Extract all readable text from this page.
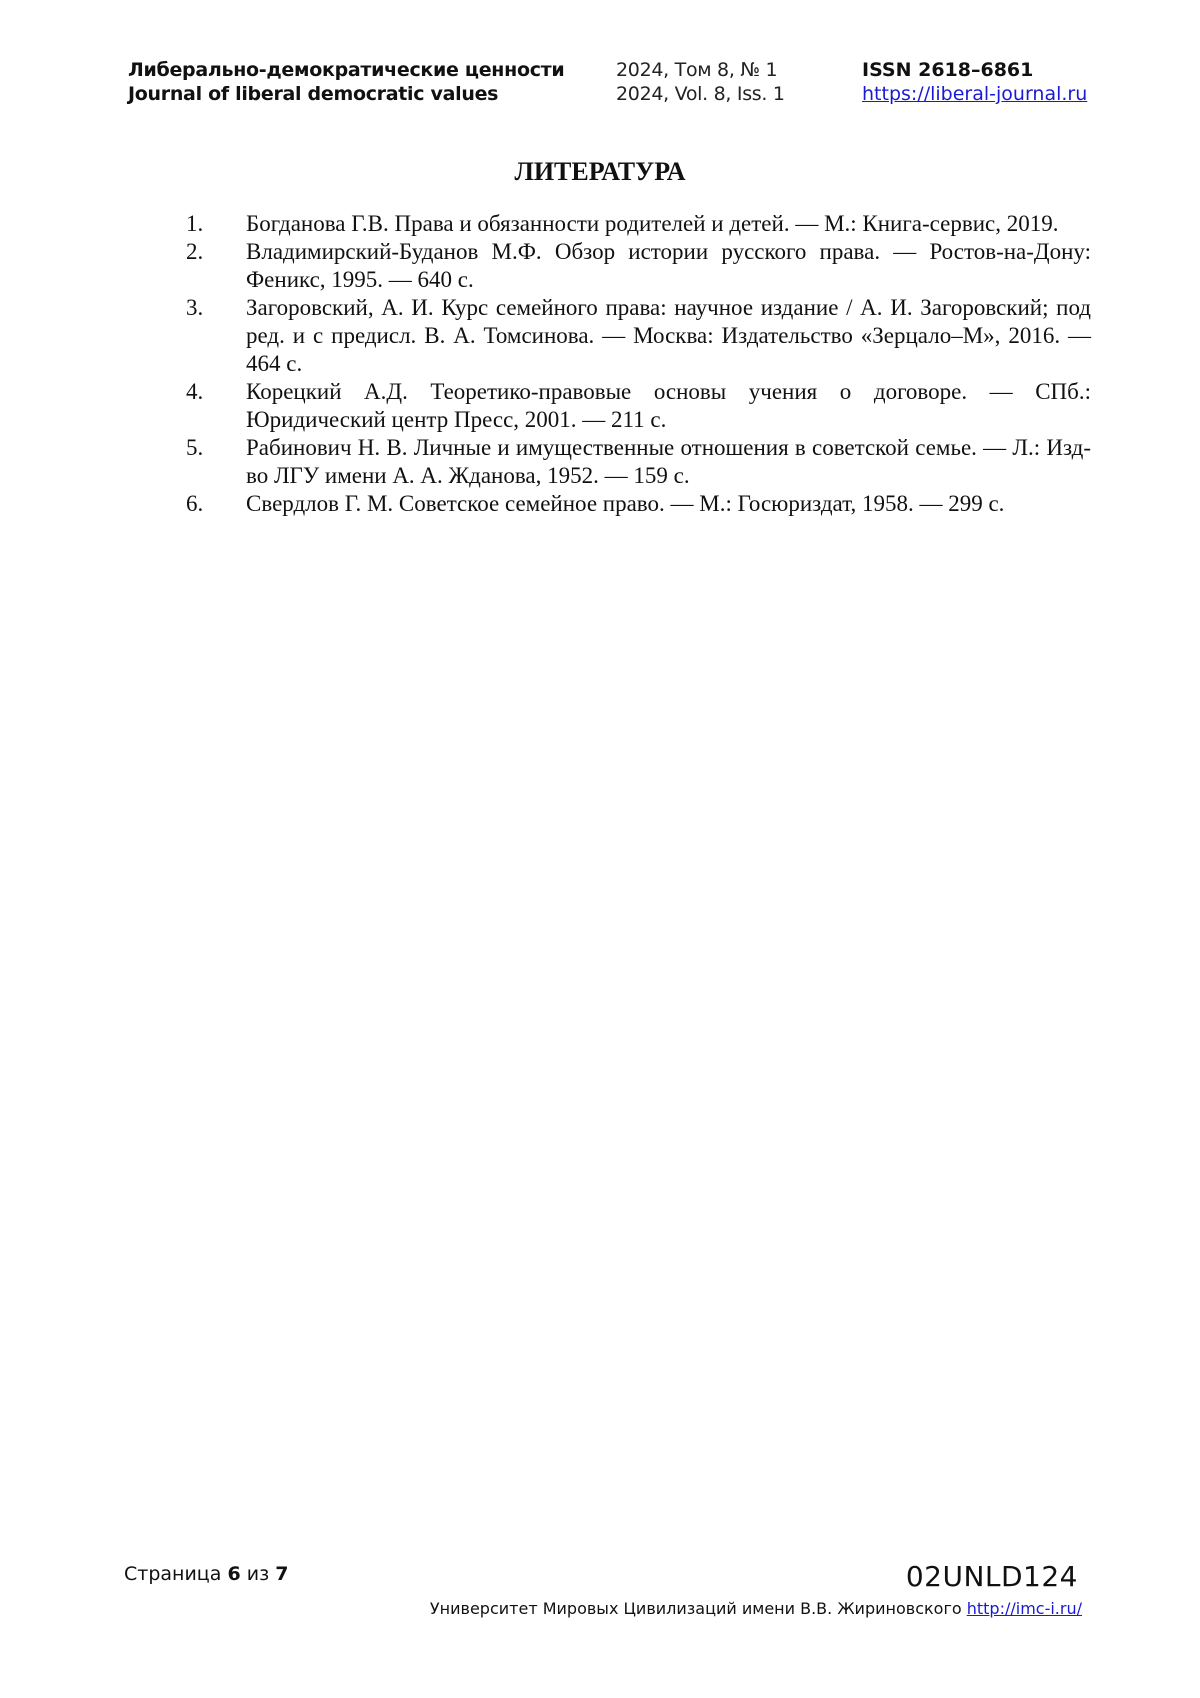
Либерально-демократические ценности
Journal of liberal democratic values
2024, Том 8, № 1
2024, Vol. 8, Iss. 1
ISSN 2618–6861
https://liberal-journal.ru
ЛИТЕРАТУРА
1. Богданова Г.В. Права и обязанности родителей и детей. — М.: Книга-сервис, 2019.
2. Владимирский-Буданов М.Ф. Обзор истории русского права. — Ростов-на-Дону: Феникс, 1995. — 640 с.
3. Загоровский, А. И. Курс семейного права: научное издание / А. И. Загоровский; под ред. и с предисл. В. А. Томсинова. — Москва: Издательство «Зерцало–М», 2016. — 464 с.
4. Корецкий А.Д. Теоретико-правовые основы учения о договоре. — СПб.: Юридический центр Пресс, 2001. — 211 с.
5. Рабинович Н. В. Личные и имущественные отношения в советской семье. — Л.: Изд-во ЛГУ имени А. А. Жданова, 1952. — 159 с.
6. Свердлов Г. М. Советское семейное право. — М.: Госюриздат, 1958. — 299 с.
Страница 6 из 7	02UNLD124
Университет Мировых Цивилизаций имени В.В. Жириновского http://imc-i.ru/
